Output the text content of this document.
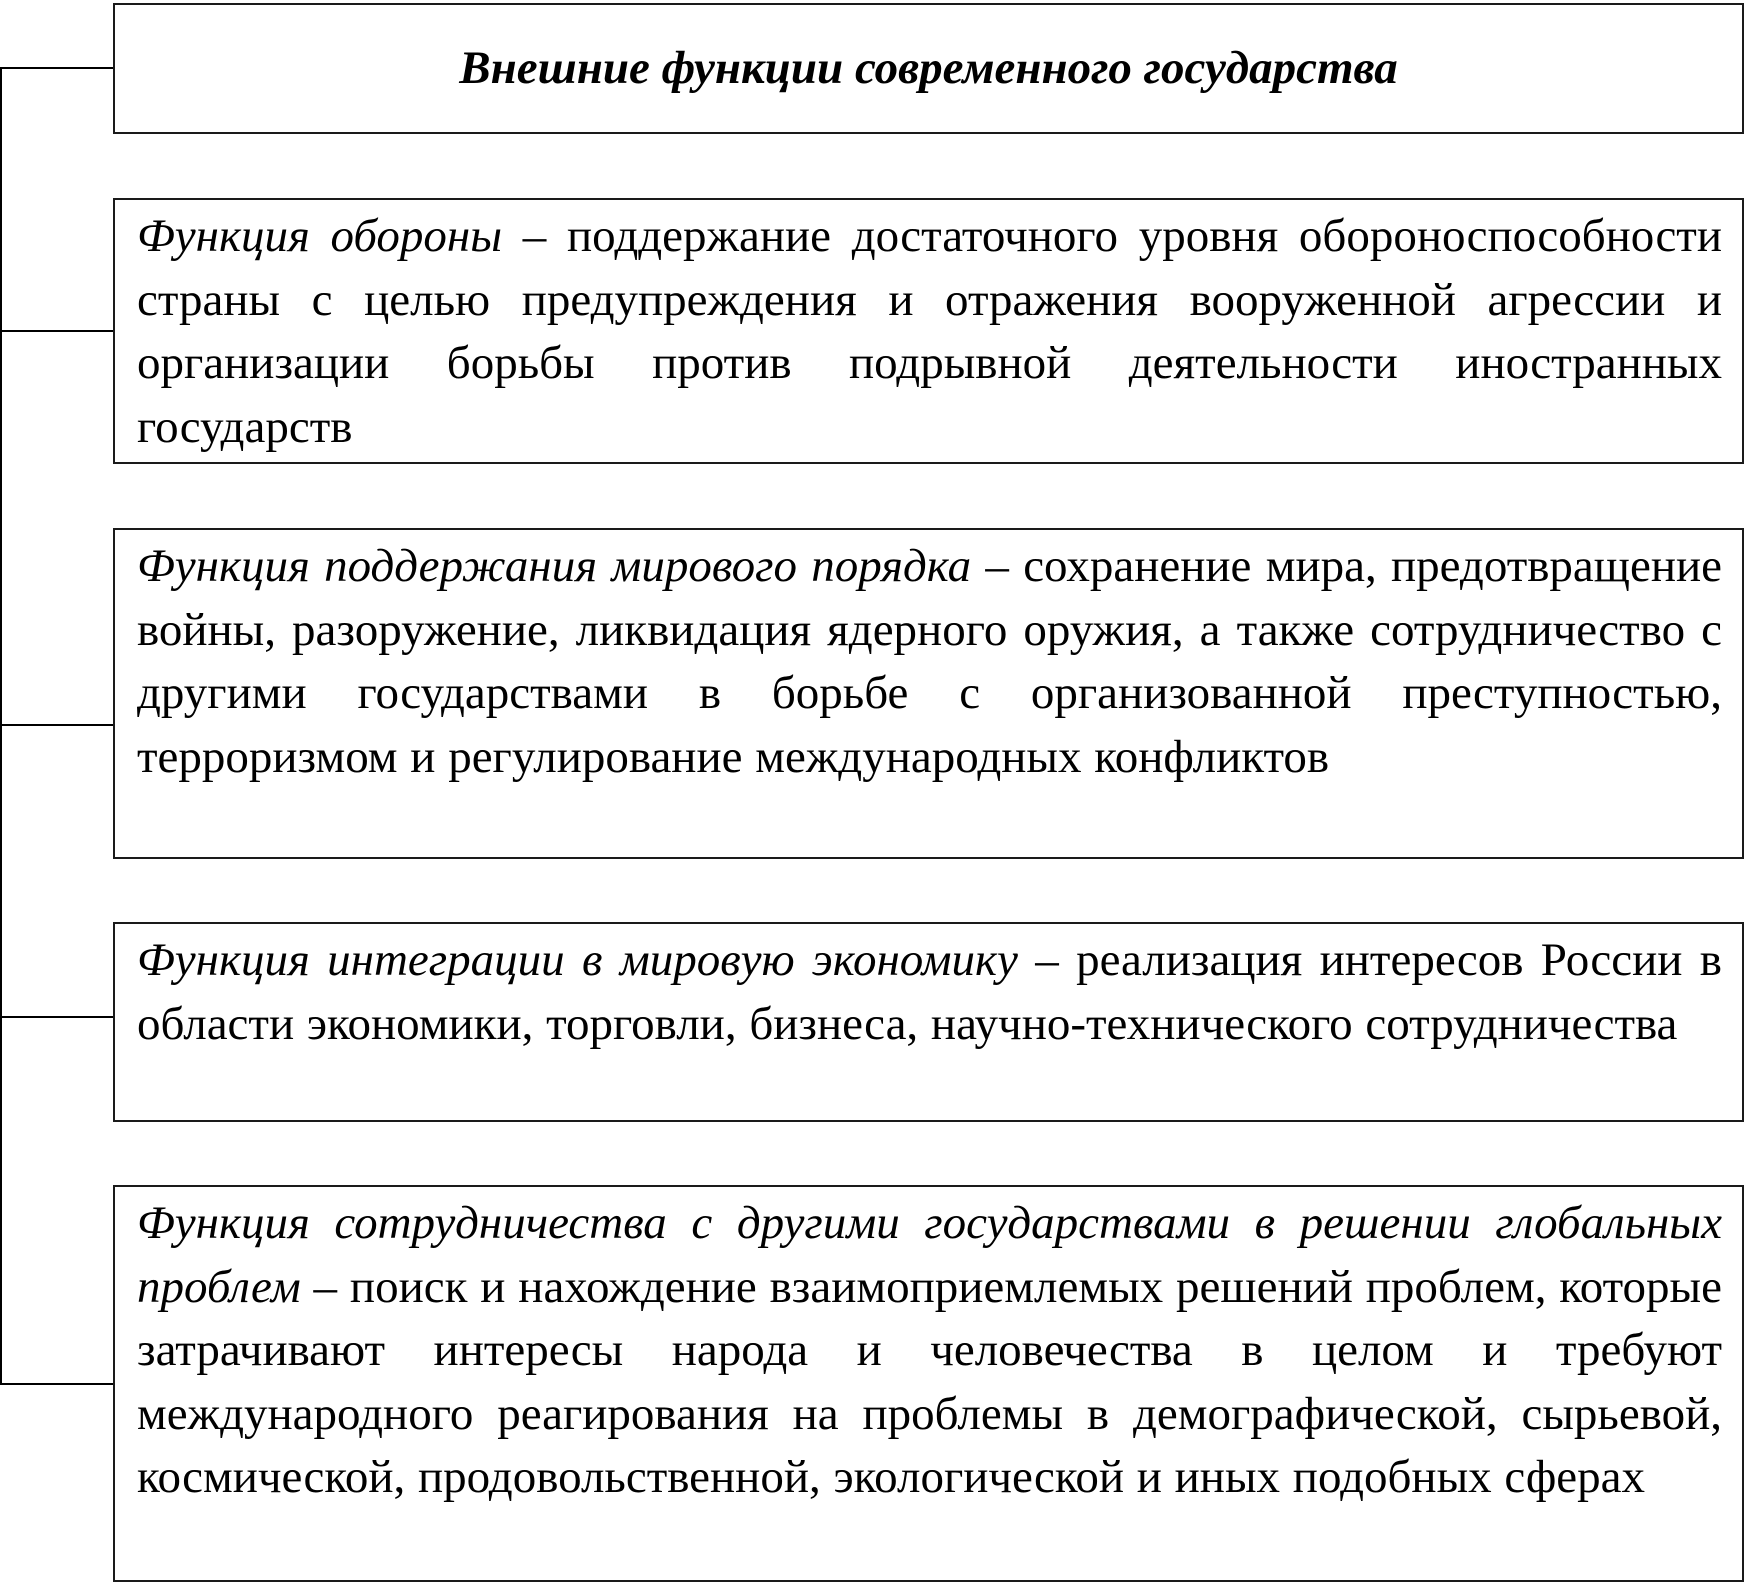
Внешние функции современного государства

Функция обороны – поддержание достаточного уровня обороноспособности страны с целью предупреждения и отражения вооруженной агрессии и организации борьбы против подрывной деятельности иностранных государств

Функция поддержания мирового порядка – сохранение мира, предотвращение войны, разоружение, ликвидация ядерного оружия, а также сотрудничество с другими государствами в борьбе с организованной преступностью, терроризмом и регулирование международных конфликтов

Функция интеграции в мировую экономику – реализация интересов России в области экономики, торговли, бизнеса, научно-технического сотрудничества

Функция сотрудничества с другими государствами в решении глобальных проблем – поиск и нахождение взаимоприемлемых решений проблем, которые затрачивают интересы народа и человечества в целом и требуют международного реагирования на проблемы в демографической, сырьевой, космической, продовольственной, экологической и иных подобных сферах
